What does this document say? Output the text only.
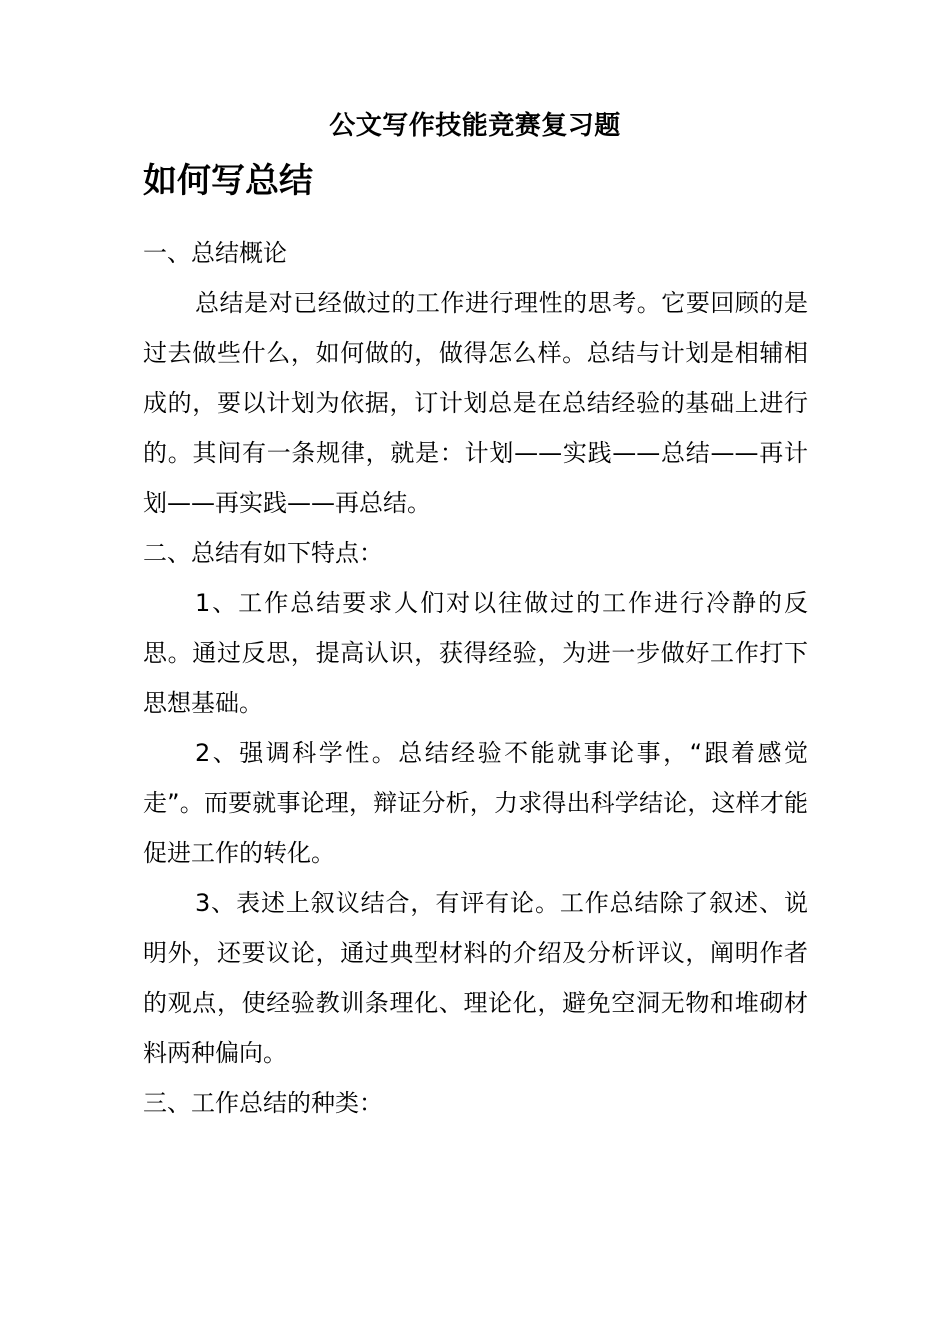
公文写作技能竞赛复习题
如何写总结

一、总结概论

总结是对已经做过的工作进行理性的思考。它要回顾的是过去做些什么，如何做的，做得怎么样。总结与计划是相辅相成的，要以计划为依据，订计划总是在总结经验的基础上进行的。其间有一条规律，就是：计划——实践——总结——再计划——再实践——再总结。

二、总结有如下特点：

1、工作总结要求人们对以往做过的工作进行冷静的反思。通过反思，提高认识，获得经验，为进一步做好工作打下思想基础。

2、强调科学性。总结经验不能就事论事，“跟着感觉走”。而要就事论理，辩证分析，力求得出科学结论，这样才能促进工作的转化。

3、表述上叙议结合，有评有论。工作总结除了叙述、说明外，还要议论，通过典型材料的介绍及分析评议，阐明作者的观点，使经验教训条理化、理论化，避免空洞无物和堆砌材料两种偏向。

三、工作总结的种类：
